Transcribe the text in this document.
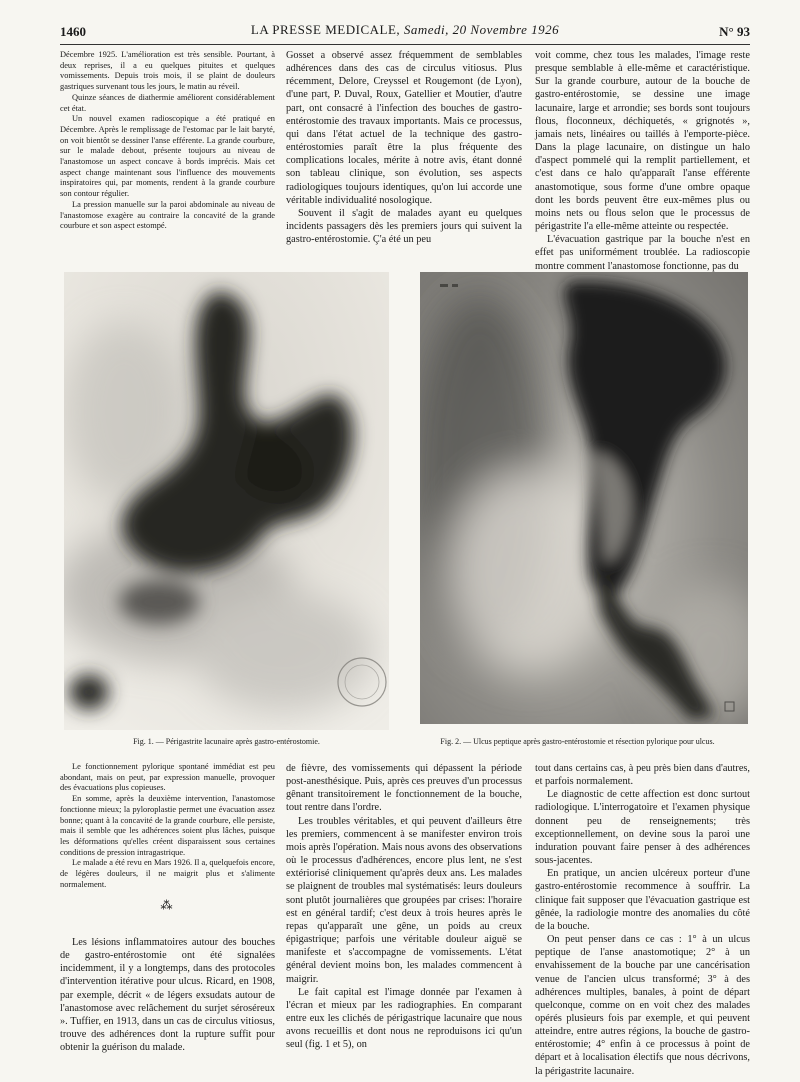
1460	LA PRESSE MEDICALE, Samedi, 20 Novembre 1926	N° 93

Décembre 1925. L'amélioration est très sensible. Pourtant, à deux reprises, il a eu quelques pituites et quelques vomissements. Depuis trois mois, il se plaint de douleurs gastriques survenant tous les jours, le matin au réveil.

Quinze séances de diathermie améliorent considérablement cet état.

Un nouvel examen radioscopique a été pratiqué en Décembre. Après le remplissage de l'estomac par le lait baryté, on voit bientôt se dessiner l'anse efférente. La grande courbure, sur le malade debout, présente toujours au niveau de l'anastomose un aspect concave à bords imprécis. Mais cet aspect change maintenant sous l'influence des mouvements inspiratoires qui, par moments, rendent à la grande courbure son contour régulier.

La pression manuelle sur la paroi abdominale au niveau de l'anastomose exagère au contraire la concavité de la grande courbure et son aspect estompé.

Gosset a observé assez fréquemment de semblables adhérences dans des cas de circulus vitiosus. Plus récemment, Delore, Creyssel et Rougemont (de Lyon), d'une part, P. Duval, Roux, Gatellier et Moutier, d'autre part, ont consacré à l'infection des bouches de gastro-entérostomie des travaux importants. Mais ce processus, qui dans l'état actuel de la technique des gastro-entérostomies paraît être la plus fréquente des complications locales, mérite à notre avis, étant donné son tableau clinique, son évolution, ses aspects radiologiques toujours identiques, qu'on lui accorde une véritable individualité nosologique.

Souvent il s'agit de malades ayant eu quelques incidents passagers dès les premiers jours qui suivent la gastro-entérostomie. Ç'a été un peu

voit comme, chez tous les malades, l'image reste presque semblable à elle-même et caractéristique. Sur la grande courbure, autour de la bouche de gastro-entérostomie, se dessine une image lacunaire, large et arrondie; ses bords sont toujours flous, floconneux, déchiquetés, « grignotés », jamais nets, linéaires ou taillés à l'emporte-pièce. Dans la plage lacunaire, on distingue un halo d'aspect pommelé qui la remplit partiellement, et c'est dans ce halo qu'apparaît l'anse efférente anastomotique, sous forme d'une ombre opaque dont les bords peuvent être eux-mêmes plus ou moins nets ou flous selon que le processus de périgastrite l'a elle-même atteinte ou respectée.

L'évacuation gastrique par la bouche n'est en effet pas uniformément troublée. La radioscopie montre comment l'anastomose fonctionne, pas du

Fig. 1. — Périgastrite lacunaire après gastro-entérostomie.	Fig. 2. — Ulcus peptique après gastro-entérostomie et résection pylorique pour ulcus.

Le fonctionnement pylorique spontané immédiat est peu abondant, mais on peut, par expression manuelle, provoquer des évacuations plus copieuses.

En somme, après la deuxième intervention, l'anastomose fonctionne mieux; la pyloroplastie permet une évacuation assez bonne; quant à la concavité de la grande courbure, elle persiste, mais il semble que les adhérences soient plus lâches, puisque les déformations qu'elles créent disparaissent sous certaines conditions de pression intragastrique.

Le malade a été revu en Mars 1926. Il a, quelquefois encore, de légères douleurs, il ne maigrit plus et s'alimente normalement.

⁂

Les lésions inflammatoires autour des bouches de gastro-entérostomie ont été signalées incidemment, il y a longtemps, dans des protocoles d'intervention itérative pour ulcus. Ricard, en 1908, par exemple, décrit « de légers exsudats autour de l'anastomose avec relâchement du surjet séroséreux ». Tuffier, en 1913, dans un cas de circulus vitiosus, trouve des adhérences dont la rupture suffit pour obtenir la guérison du malade.

de fièvre, des vomissements qui dépassent la période post-anesthésique. Puis, après ces preuves d'un processus gênant transitoirement le fonctionnement de la bouche, tout rentre dans l'ordre.

Les troubles véritables, et qui peuvent d'ailleurs être les premiers, commencent à se manifester environ trois mois après l'opération. Mais nous avons des observations où le processus d'adhérences, encore plus lent, ne s'est extériorisé cliniquement qu'après deux ans. Les malades se plaignent de troubles mal systématisés: leurs douleurs sont plutôt journalières que groupées par crises: l'horaire est en général tardif; c'est deux à trois heures après le repas qu'apparaît une gêne, un poids au creux épigastrique; parfois une véritable douleur aiguë se manifeste et s'accompagne de vomissements. L'état général devient moins bon, les malades commencent à maigrir.

Le fait capital est l'image donnée par l'examen à l'écran et mieux par les radiographies. En comparant entre eux les clichés de périgastrique lacunaire que nous avons recueillis et dont nous ne reproduisons ici qu'un seul (fig. 1 et 5), on

tout dans certains cas, à peu près bien dans d'autres, et parfois normalement.

Le diagnostic de cette affection est donc surtout radiologique. L'interrogatoire et l'examen physique donnent peu de renseignements; très exceptionnellement, on devine sous la paroi une induration pouvant faire penser à des adhérences sous-jacentes.

En pratique, un ancien ulcéreux porteur d'une gastro-entérostomie recommence à souffrir. La clinique fait supposer que l'évacuation gastrique est gênée, la radiologie montre des anomalies du côté de la bouche.

On peut penser dans ce cas : 1° à un ulcus peptique de l'anse anastomotique; 2° à un envahissement de la bouche par une cancérisation venue de l'ancien ulcus transformé; 3° à des adhérences multiples, banales, à point de départ quelconque, comme on en voit chez des malades opérés plusieurs fois par exemple, et qui peuvent atteindre, entre autres régions, la bouche de gastro-entérostomie; 4° enfin à ce processus à point de départ et à localisation électifs que nous décrivons, la périgastrite lacunaire.
